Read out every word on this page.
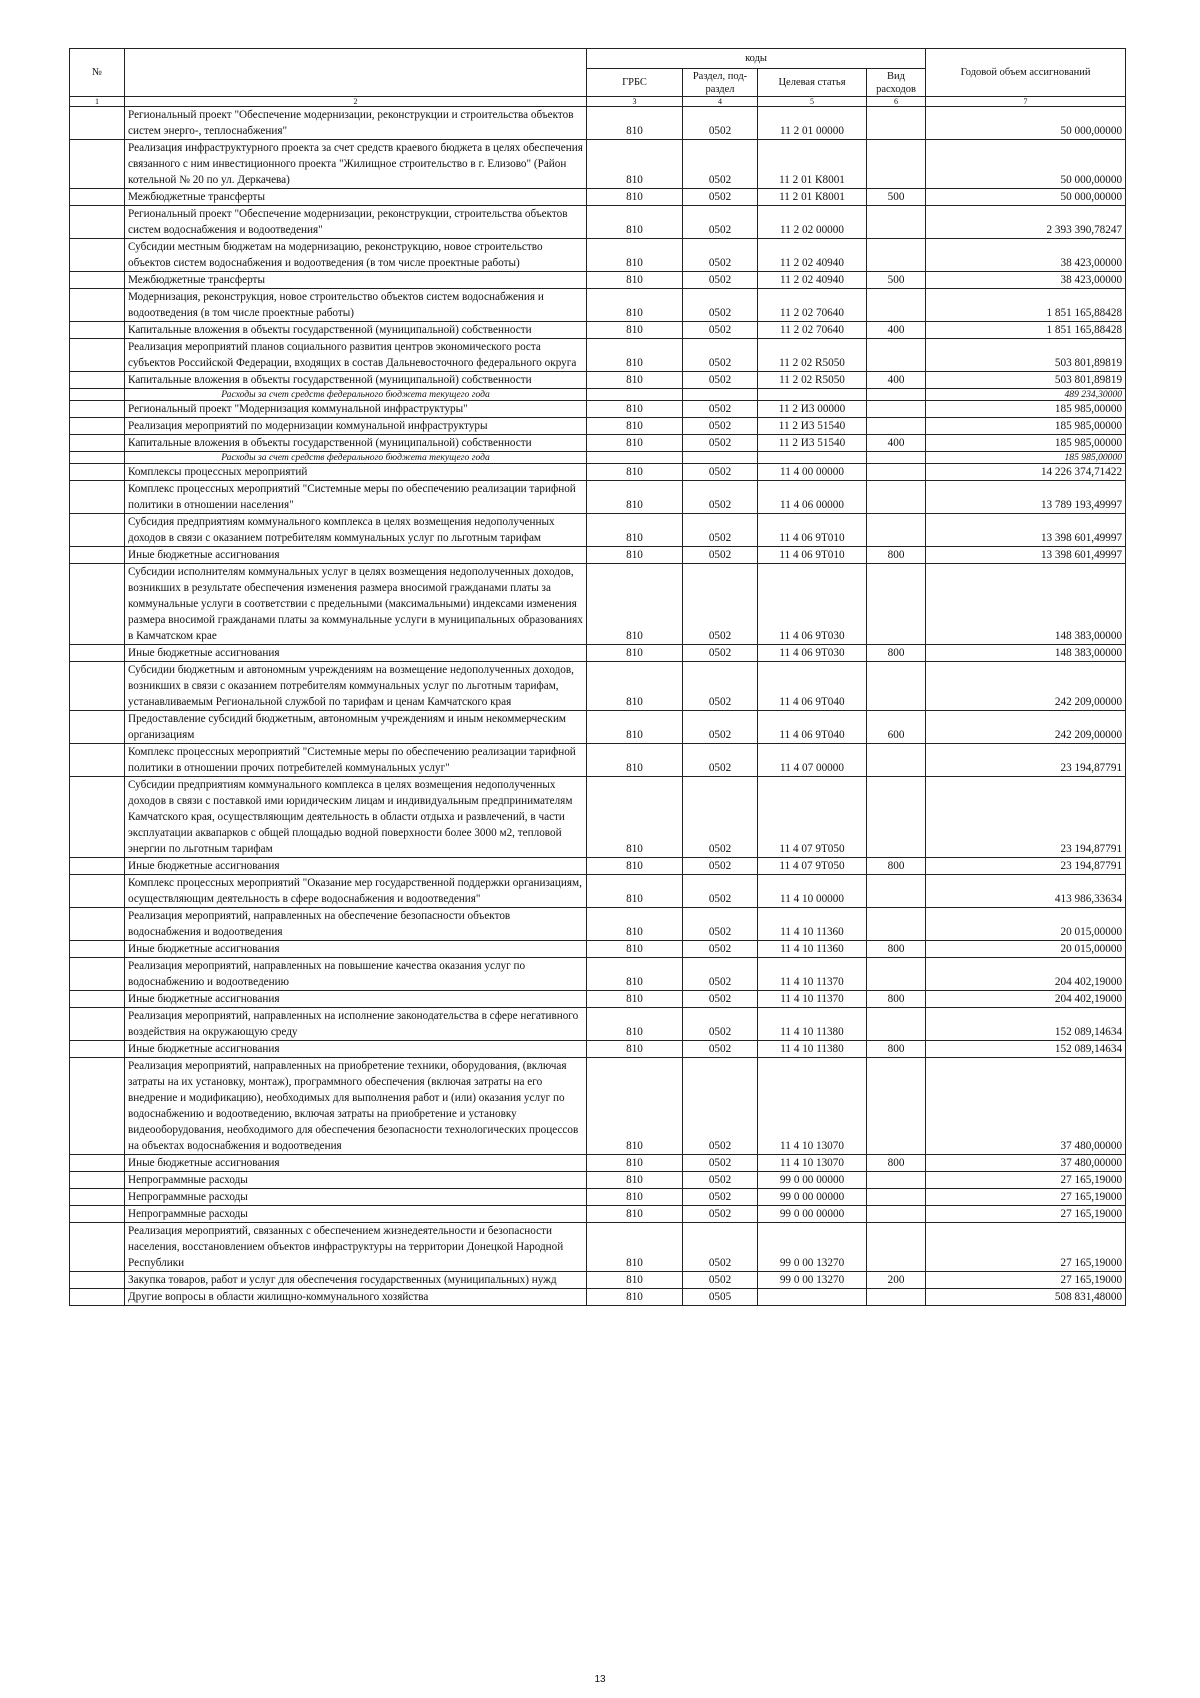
№		коды				Годовой объем ассигнований
		ГРБС	Раздел, под-раздел	Целевая статья	Вид расходов	
1	2	3	4	5	6	7
	Региональный проект "Обеспечение модернизации, реконструкции и строительства объектов систем энерго-, теплоснабжения"	810	0502	11 2 01 00000		50 000,00000
	Реализация инфраструктурного проекта за счет средств краевого бюджета в целях обеспечения связанного с ним инвестиционного проекта "Жилищное строительство в г. Елизово" (Район котельной № 20 по ул. Деркачева)	810	0502	11 2 01 К8001		50 000,00000
	Межбюджетные трансферты	810	0502	11 2 01 К8001	500	50 000,00000
	Региональный проект "Обеспечение модернизации, реконструкции, строительства объектов систем водоснабжения и водоотведения"	810	0502	11 2 02 00000		2 393 390,78247
	Субсидии местным бюджетам на модернизацию, реконструкцию, новое строительство объектов систем водоснабжения и водоотведения (в том числе проектные работы)	810	0502	11 2 02 40940		38 423,00000
	Межбюджетные трансферты	810	0502	11 2 02 40940	500	38 423,00000
	Модернизация, реконструкция, новое строительство объектов систем водоснабжения и водоотведения (в том числе проектные работы)	810	0502	11 2 02 70640		1 851 165,88428
	Капитальные вложения в объекты государственной (муниципальной) собственности	810	0502	11 2 02 70640	400	1 851 165,88428
	Реализация мероприятий планов социального развития центров экономического роста субъектов Российской Федерации, входящих в состав Дальневосточного федерального округа	810	0502	11 2 02 R5050		503 801,89819
	Капитальные вложения в объекты государственной (муниципальной) собственности	810	0502	11 2 02 R5050	400	503 801,89819
	Расходы за счет средств федерального бюджета текущего года					489 234,30000
	Региональный проект "Модернизация коммунальной инфраструктуры"	810	0502	11 2 И3 00000		185 985,00000
	Реализация мероприятий по модернизации коммунальной инфраструктуры	810	0502	11 2 И3 51540		185 985,00000
	Капитальные вложения в объекты государственной (муниципальной) собственности	810	0502	11 2 И3 51540	400	185 985,00000
	Расходы за счет средств федерального бюджета текущего года					185 985,00000
	Комплексы процессных мероприятий	810	0502	11 4 00 00000		14 226 374,71422
	Комплекс процессных мероприятий "Системные меры по обеспечению реализации тарифной политики в отношении населения"	810	0502	11 4 06 00000		13 789 193,49997
	Субсидия предприятиям коммунального комплекса в целях возмещения недополученных доходов в связи с оказанием потребителям коммунальных услуг по льготным тарифам	810	0502	11 4 06 9Т010		13 398 601,49997
	Иные бюджетные ассигнования	810	0502	11 4 06 9Т010	800	13 398 601,49997
	Субсидии исполнителям коммунальных услуг в целях возмещения недополученных доходов, возникших в результате обеспечения изменения размера вносимой гражданами платы за коммунальные услуги в соответствии с предельными (максимальными) индексами изменения размера вносимой гражданами платы за коммунальные услуги в муниципальных образованиях в Камчатском крае	810	0502	11 4 06 9Т030		148 383,00000
	Иные бюджетные ассигнования	810	0502	11 4 06 9Т030	800	148 383,00000
	Субсидии бюджетным и автономным учреждениям на возмещение недополученных доходов, возникших в связи с оказанием потребителям коммунальных услуг по льготным тарифам, устанавливаемым Региональной службой по тарифам и ценам Камчатского края	810	0502	11 4 06 9Т040		242 209,00000
	Предоставление субсидий бюджетным, автономным учреждениям и иным некоммерческим организациям	810	0502	11 4 06 9Т040	600	242 209,00000
	Комплекс процессных мероприятий "Системные меры по обеспечению реализации тарифной политики в отношении прочих потребителей коммунальных услуг"	810	0502	11 4 07 00000		23 194,87791
	Субсидии предприятиям коммунального комплекса в целях возмещения недополученных доходов в связи с поставкой ими юридическим лицам и индивидуальным предпринимателям Камчатского края, осуществляющим деятельность в области отдыха и развлечений, в части эксплуатации аквапарков с общей площадью водной поверхности более 3000 м2, тепловой энергии по льготным тарифам	810	0502	11 4 07 9Т050		23 194,87791
	Иные бюджетные ассигнования	810	0502	11 4 07 9Т050	800	23 194,87791
	Комплекс процессных мероприятий "Оказание мер государственной поддержки организациям, осуществляющим деятельность в сфере водоснабжения и водоотведения"	810	0502	11 4 10 00000		413 986,33634
	Реализация мероприятий, направленных на обеспечение безопасности объектов водоснабжения и водоотведения	810	0502	11 4 10 11360		20 015,00000
	Иные бюджетные ассигнования	810	0502	11 4 10 11360	800	20 015,00000
	Реализация мероприятий, направленных на повышение качества оказания услуг по водоснабжению и водоотведению	810	0502	11 4 10 11370		204 402,19000
	Иные бюджетные ассигнования	810	0502	11 4 10 11370	800	204 402,19000
	Реализация мероприятий, направленных на исполнение законодательства в сфере негативного воздействия на окружающую среду	810	0502	11 4 10 11380		152 089,14634
	Иные бюджетные ассигнования	810	0502	11 4 10 11380	800	152 089,14634
	Реализация мероприятий, направленных на приобретение техники, оборудования, (включая затраты на их установку, монтаж), программного обеспечения (включая затраты на его внедрение и модификацию), необходимых для выполнения работ и (или) оказания услуг по водоснабжению и водоотведению, включая затраты на приобретение и установку видеооборудования, необходимого для обеспечения безопасности технологических процессов на объектах водоснабжения и водоотведения	810	0502	11 4 10 13070		37 480,00000
	Иные бюджетные ассигнования	810	0502	11 4 10 13070	800	37 480,00000
	Непрограммные расходы	810	0502	99 0 00 00000		27 165,19000
	Непрограммные расходы	810	0502	99 0 00 00000		27 165,19000
	Непрограммные расходы	810	0502	99 0 00 00000		27 165,19000
	Реализация мероприятий, связанных с обеспечением жизнедеятельности и безопасности населения, восстановлением объектов инфраструктуры на территории Донецкой Народной Республики	810	0502	99 0 00 13270		27 165,19000
	Закупка товаров, работ и услуг для обеспечения государственных (муниципальных) нужд	810	0502	99 0 00 13270	200	27 165,19000
	Другие вопросы в области жилищно-коммунального хозяйства	810	0505			508 831,48000
13
